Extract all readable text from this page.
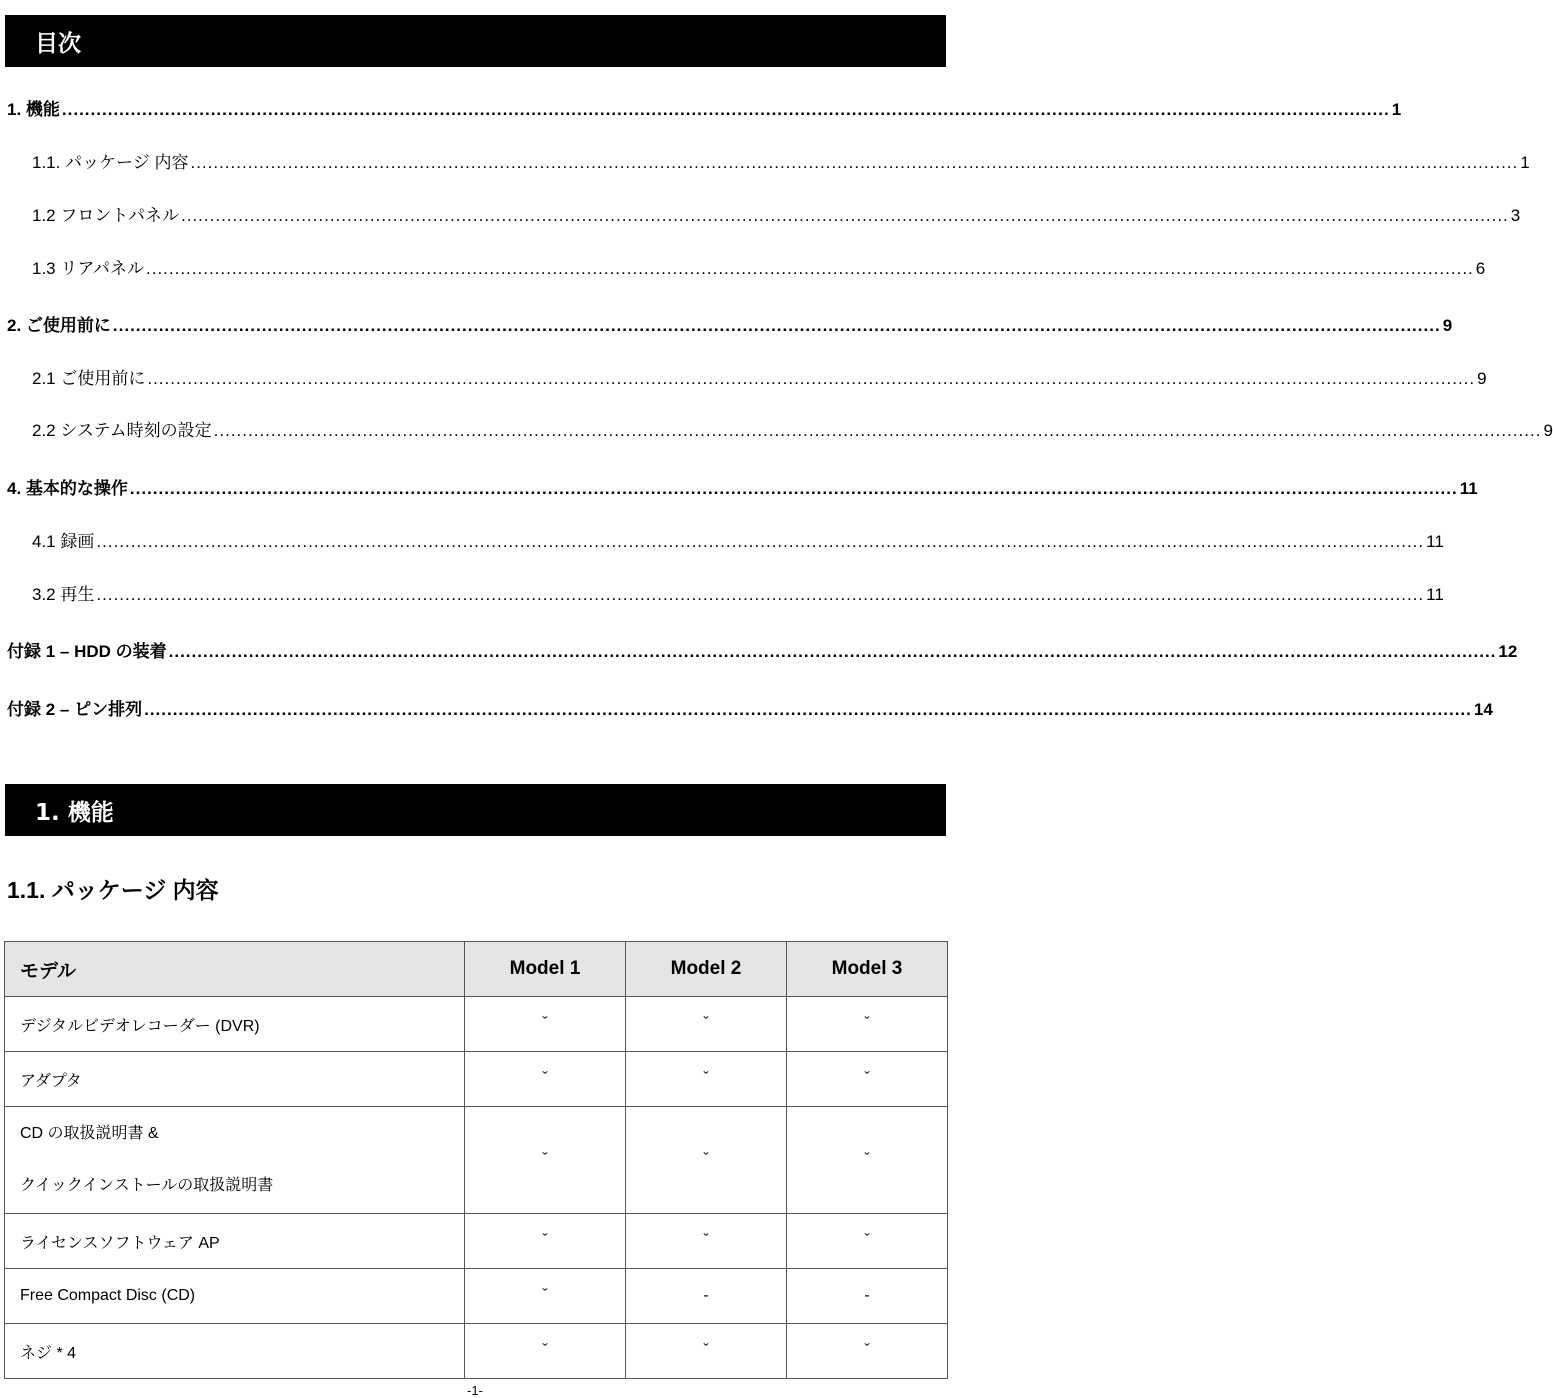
目次
1. 機能 ........................................................................................................................................................................................................................................ 1
1.1. パッケージ 内容 ........................................................................................................................................................................................................................................ 1
1.2 フロントパネル ........................................................................................................................................................................................................................................ 3
1.3 リアパネル ........................................................................................................................................................................................................................................ 6
2. ご使用前に ........................................................................................................................................................................................................................................ 9
2.1 ご使用前に ........................................................................................................................................................................................................................................ 9
2.2 システム時刻の設定 ........................................................................................................................................................................................................................................ 9
4. 基本的な操作 ........................................................................................................................................................................................................................................ 11
4.1 録画 ........................................................................................................................................................................................................................................ 11
3.2 再生 ........................................................................................................................................................................................................................................ 11
付録 1 – HDD の装着 ........................................................................................................................................................................................................................................ 12
付録 2 – ピン排列 ........................................................................................................................................................................................................................................ 14
1. 機能
1.1. パッケージ 内容
モデル	Model 1	Model 2	Model 3
デジタルビデオレコーダー (DVR)	ˇ	ˇ	ˇ
アダプタ	ˇ	ˇ	ˇ

CD の取扱説明書 &
クイックインストールの取扱説明書	ˇ	ˇ	ˇ
ライセンスソフトウェア AP	ˇ	ˇ	ˇ
Free Compact Disc (CD)	ˇ	-	-
ネジ * 4	ˇ	ˇ	ˇ
-1-
